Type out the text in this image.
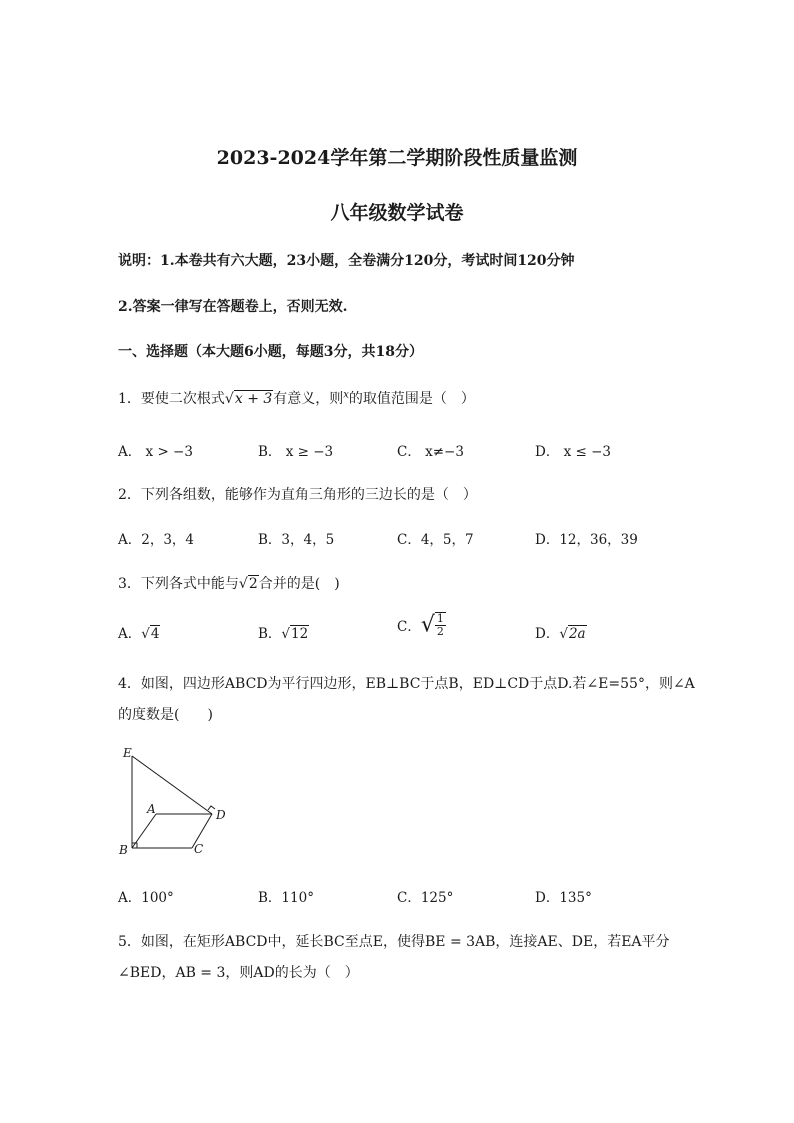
2023-2024学年第二学期阶段性质量监测
八年级数学试卷
说明：1.本卷共有六大题，23小题，全卷满分120分，考试时间120分钟
2.答案一律写在答题卷上，否则无效.
一、选择题（本大题6小题，每题3分，共18分）
1．要使二次根式√x + 3有意义，则$^x$的取值范围是（　）
A． x > −3	B． x ≥ −3	C． x≠−3	D． x ≤ −3
2．下列各组数，能够作为直角三角形的三边长的是（　）
A．2，3，4	B．3，4，5	C．4，5，7	D．12，36，39
3．下列各式中能与√2合并的是(　)
A．√4	B．√12	C．√ $\frac{1}{2}$	D．√2a
4．如图，四边形ABCD为平行四边形，EB⊥BC于点B，ED⊥CD于点D.若∠E=55°，则∠A
的度数是(　　)
E
A	D
B	C
A．100°	B．110°	C．125°	D．135°
5．如图，在矩形ABCD中，延长BC至点E，使得BE = 3AB，连接AE、DE，若EA平分
∠BED，AB = 3，则AD的长为（　）
